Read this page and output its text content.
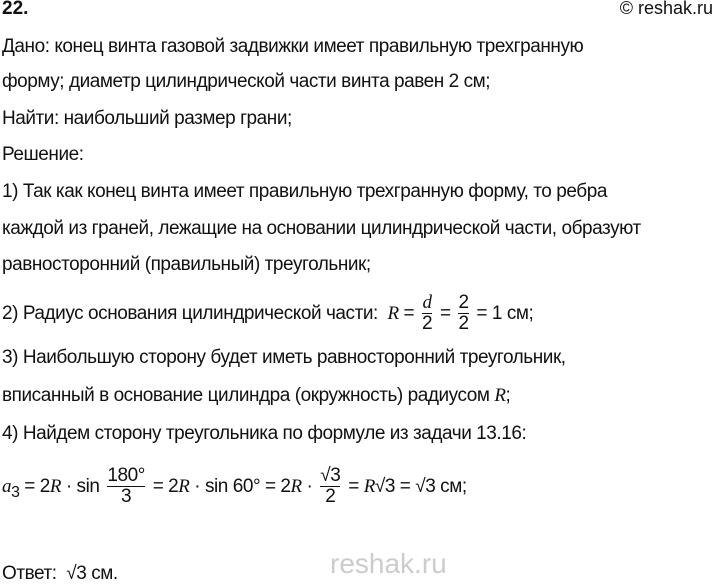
22.	© reshak.ru
Дано: конец винта газовой задвижки имеет правильную трехгранную
форму; диаметр цилиндрической части винта равен 2 см;
Найти: наибольший размер грани;
Решение:
1) Так как конец винта имеет правильную трехгранную форму, то ребра
каждой из граней, лежащие на основании цилиндрической части, образуют
равносторонний (правильный) треугольник;
2) Радиус основания цилиндрической части: $R = \frac{d}{2} = \frac{2}{2} = 1$ см;
3) Наибольшую сторону будет иметь равносторонний треугольник,
вписанный в основание цилиндра (окружность) радиусом R;
4) Найдем сторону треугольника по формуле из задачи 13.16:
$a_3 = 2R \cdot \sin \frac{180^\circ}{3} = 2R \cdot \sin 60^\circ = 2R \cdot \frac{√3}{2} = R√3 = √3$ см;
Ответ: √3 см.	reshak.ru
